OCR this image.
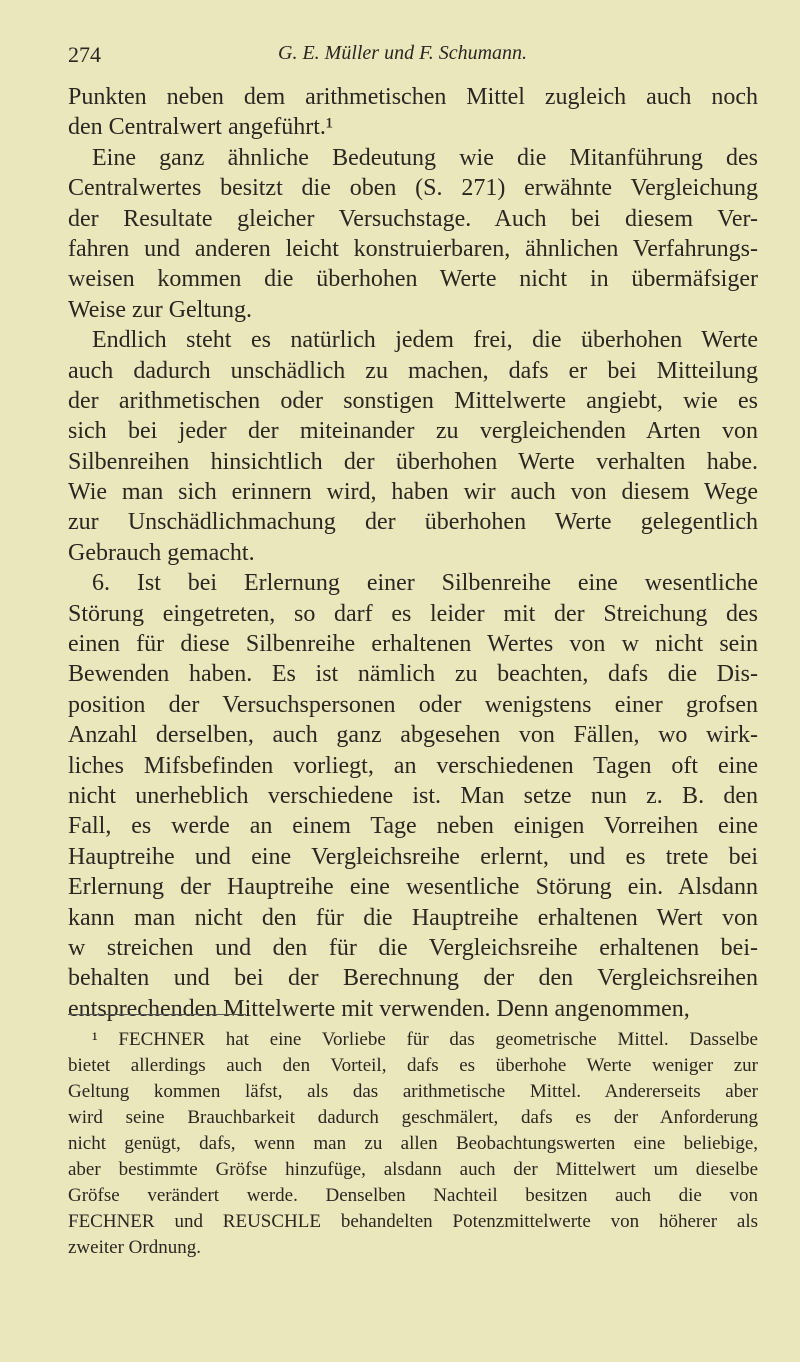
274	G. E. Müller und F. Schumann.
Punkten neben dem arithmetischen Mittel zugleich auch noch
den Centralwert angeführt.¹
Eine ganz ähnliche Bedeutung wie die Mitanführung des
Centralwertes besitzt die oben (S. 271) erwähnte Vergleichung
der Resultate gleicher Versuchstage. Auch bei diesem Ver-
fahren und anderen leicht konstruierbaren, ähnlichen Verfahrungs-
weisen kommen die überhohen Werte nicht in übermäfsiger
Weise zur Geltung.
Endlich steht es natürlich jedem frei, die überhohen Werte
auch dadurch unschädlich zu machen, dafs er bei Mitteilung
der arithmetischen oder sonstigen Mittelwerte angiebt, wie es
sich bei jeder der miteinander zu vergleichenden Arten von
Silbenreihen hinsichtlich der überhohen Werte verhalten habe.
Wie man sich erinnern wird, haben wir auch von diesem Wege
zur Unschädlichmachung der überhohen Werte gelegentlich
Gebrauch gemacht.
6. Ist bei Erlernung einer Silbenreihe eine wesentliche
Störung eingetreten, so darf es leider mit der Streichung des
einen für diese Silbenreihe erhaltenen Wertes von w nicht sein
Bewenden haben. Es ist nämlich zu beachten, dafs die Dis-
position der Versuchspersonen oder wenigstens einer grofsen
Anzahl derselben, auch ganz abgesehen von Fällen, wo wirk-
liches Mifsbefinden vorliegt, an verschiedenen Tagen oft eine
nicht unerheblich verschiedene ist. Man setze nun z. B. den
Fall, es werde an einem Tage neben einigen Vorreihen eine
Hauptreihe und eine Vergleichsreihe erlernt, und es trete bei
Erlernung der Hauptreihe eine wesentliche Störung ein. Alsdann
kann man nicht den für die Hauptreihe erhaltenen Wert von
w streichen und den für die Vergleichsreihe erhaltenen bei-
behalten und bei der Berechnung der den Vergleichsreihen
entsprechenden Mittelwerte mit verwenden. Denn angenommen,
¹ FECHNER hat eine Vorliebe für das geometrische Mittel. Dasselbe
bietet allerdings auch den Vorteil, dafs es überhohe Werte weniger zur
Geltung kommen läfst, als das arithmetische Mittel. Andererseits aber
wird seine Brauchbarkeit dadurch geschmälert, dafs es der Anforderung
nicht genügt, dafs, wenn man zu allen Beobachtungswerten eine beliebige,
aber bestimmte Gröfse hinzufüge, alsdann auch der Mittelwert um dieselbe
Gröfse verändert werde. Denselben Nachteil besitzen auch die von
FECHNER und REUSCHLE behandelten Potenzmittelwerte von höherer als
zweiter Ordnung.
